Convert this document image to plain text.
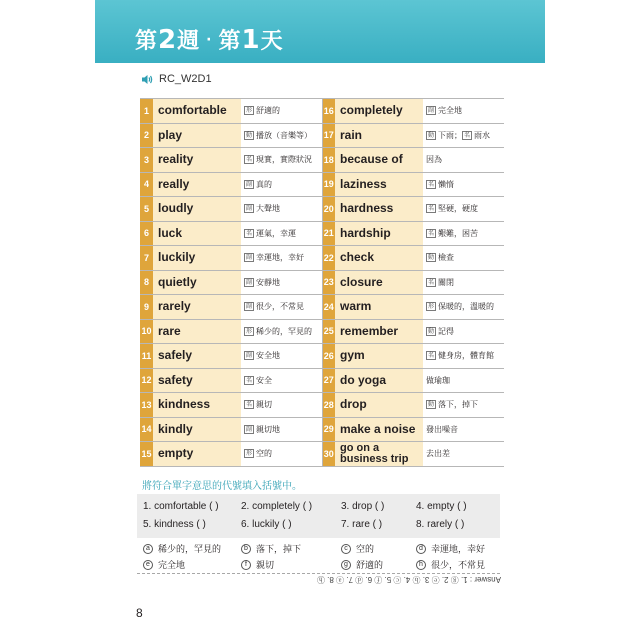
第2週 · 第1天
RC_W2D1
1	comfortable	形 舒適的	16	completely	副 完全地
2	play	動 播放（音樂等）	17	rain	動 下雨； 名 雨水
3	reality	名 現實，實際狀況	18	because of	因為
4	really	副 真的	19	laziness	名 懶惰
5	loudly	副 大聲地	20	hardness	名 堅硬，硬度
6	luck	名 運氣，幸運	21	hardship	名 艱難，困苦
7	luckily	副 幸運地，幸好	22	check	動 檢查
8	quietly	副 安靜地	23	closure	名 關閉
9	rarely	副 很少，不常見	24	warm	形 保暖的，溫暖的
10	rare	形 稀少的，罕見的	25	remember	動 記得
11	safely	副 安全地	26	gym	名 健身房，體育館
12	safety	名 安全	27	do yoga	做瑜珈
13	kindness	名 親切	28	drop	動 落下，掉下
14	kindly	副 親切地	29	make a noise	發出噪音
15	empty	形 空的	30	go on a business trip	去出差
將符合單字意思的代號填入括號中。
1. comfortable ( ) 2. completely ( )	3. drop ( )	4. empty ( )
5. kindness ( )	6. luckily ( )	7. rare ( )	8. rarely ( )
a 稀少的，罕見的	b 落下，掉下	c 空的	d 幸運地，幸好
e 完全地	f	親切	g 舒適的	h 很少，不常見
Answer : 1. ⓖ 2. ⓔ 3. ⓑ 4. ⓒ 5. ⓕ 6. ⓓ 7. ⓐ 8. ⓗ
8
